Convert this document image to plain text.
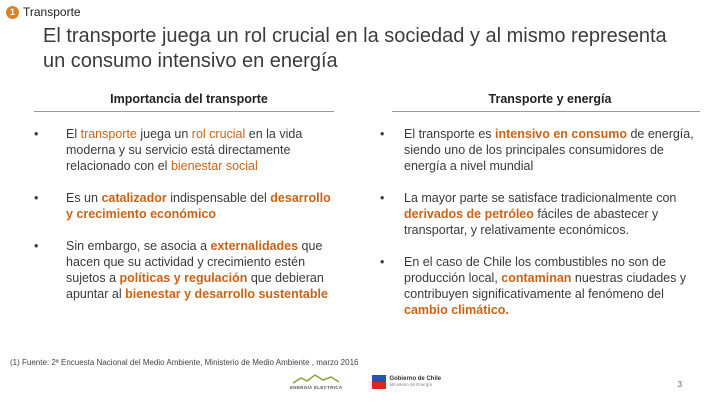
1 Transporte
El transporte juega un rol crucial en la sociedad y al mismo representa un consumo intensivo en energía
Importancia del transporte
•	El transporte juega un rol crucial en la vida moderna y su servicio está directamente relacionado con el bienestar social
•	Es un catalizador indispensable del desarrollo y crecimiento económico
•	Sin embargo, se asocia a externalidades que hacen que su actividad y crecimiento estén sujetos a políticas y regulación que debieran apuntar al bienestar y desarrollo sustentable
Transporte y energía
•	El transporte es intensivo en consumo de energía, siendo uno de los principales consumidores de energía a nivel mundial
•	La mayor parte se satisface tradicionalmente con derivados de petróleo fáciles de abastecer y transportar, y relativamente económicos.
•	En el caso de Chile los combustibles no son de producción local, contaminan nuestras ciudades y contribuyen significativamente al fenómeno del cambio climático.
(1) Fuente: 2ª Encuesta Nacional del Medio Ambiente, Ministerio de Medio Ambiente , marzo 2016
ENERGÍA ELÉCTRICA
Gobierno de Chile
Ministerio de Energía	3
